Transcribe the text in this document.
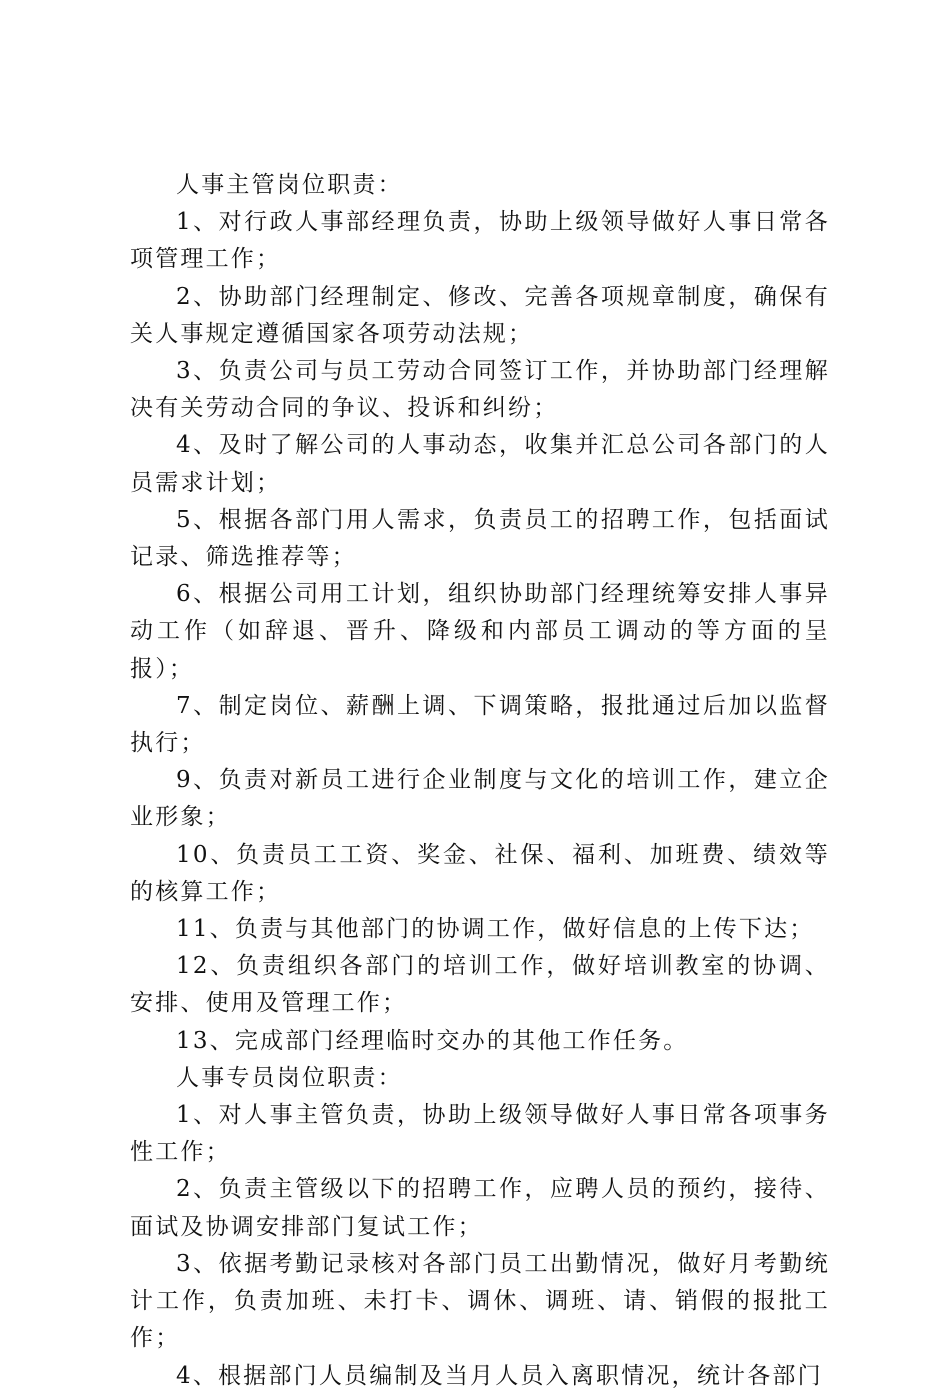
人事主管岗位职责：

1、对行政人事部经理负责，协助上级领导做好人事日常各项管理工作；

2、协助部门经理制定、修改、完善各项规章制度，确保有关人事规定遵循国家各项劳动法规；

3、负责公司与员工劳动合同签订工作，并协助部门经理解决有关劳动合同的争议、投诉和纠纷；

4、及时了解公司的人事动态，收集并汇总公司各部门的人员需求计划；

5、根据各部门用人需求，负责员工的招聘工作，包括面试记录、筛选推荐等；

6、根据公司用工计划，组织协助部门经理统筹安排人事异动工作（如辞退、晋升、降级和内部员工调动的等方面的呈报）；

7、制定岗位、薪酬上调、下调策略，报批通过后加以监督执行；

9、负责对新员工进行企业制度与文化的培训工作，建立企业形象；

10、负责员工工资、奖金、社保、福利、加班费、绩效等的核算工作；

11、负责与其他部门的协调工作，做好信息的上传下达；

12、负责组织各部门的培训工作，做好培训教室的协调、安排、使用及管理工作；

13、完成部门经理临时交办的其他工作任务。

人事专员岗位职责：

1、对人事主管负责，协助上级领导做好人事日常各项事务性工作；

2、负责主管级以下的招聘工作，应聘人员的预约，接待、面试及协调安排部门复试工作；

3、依据考勤记录核对各部门员工出勤情况，做好月考勤统计工作，负责加班、未打卡、调休、调班、请、销假的报批工作；

4、根据部门人员编制及当月人员入离职情况，统计各部门
